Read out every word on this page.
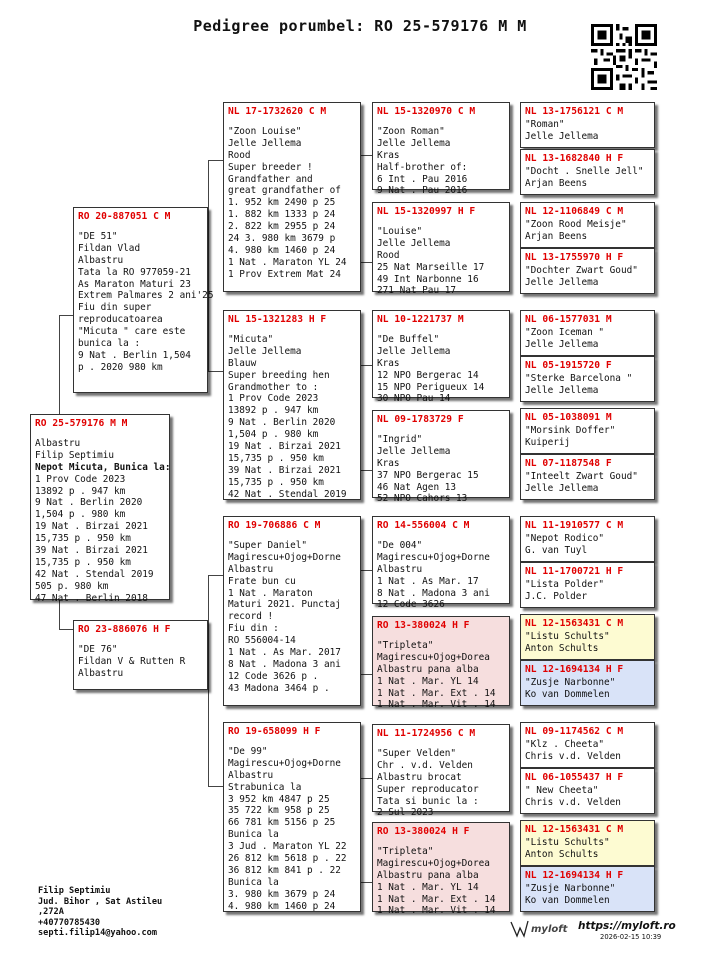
Pedigree porumbel: RO 25-579176 M M
RO 25-579176 M M
Albastru
Filip Septimiu
Nepot Micuta, Bunica la:
1 Prov Code 2023
13892 p . 947 km
9 Nat . Berlin 2020
1,504 p . 980 km
19 Nat . Birzai 2021
15,735 p . 950 km
39 Nat . Birzai 2021
15,735 p . 950 km
42 Nat . Stendal 2019
505 p. 980 km
47 Nat . Berlin 2018
RO 20-887051 C M
"DE 51"
Fildan Vlad
Albastru
Tata la RO 977059-21
As Maraton Maturi 23
Extrem Palmares 2 ani'25
Fiu din super
reproducatoarea
"Micuta " care este
bunica la :
9 Nat . Berlin 1,504
p . 2020 980 km
RO 23-886076 H F
"DE 76"
Fildan V & Rutten R
Albastru
NL 17-1732620 C M
"Zoon Louise"
Jelle Jellema
Rood
Super breeder !
Grandfather and
great grandfather of
1. 952 km 2490 p 25
1. 882 km 1333 p 24
2. 822 km 2955 p 24
24 3. 980 km 3679 p
4. 980 km 1460 p 24
1 Nat . Maraton YL 24
1 Prov Extrem Mat 24
NL 15-1321283 H F
"Micuta"
Jelle Jellema
Blauw
Super breeding hen
Grandmother to :
1 Prov Code 2023
13892 p . 947 km
9 Nat . Berlin 2020
1,504 p . 980 km
19 Nat . Birzai 2021
15,735 p . 950 km
39 Nat . Birzai 2021
15,735 p . 950 km
42 Nat . Stendal 2019
RO 19-706886 C M
"Super Daniel"
Magirescu+Ojog+Dorne
Albastru
Frate bun cu
1 Nat . Maraton
Maturi 2021. Punctaj
record !
Fiu din :
RO 556004-14
1 Nat . As Mar. 2017
8 Nat . Madona 3 ani
12 Code 3626 p .
43 Madona 3464 p .
RO 19-658099 H F
"De 99"
Magirescu+Ojog+Dorne
Albastru
Strabunica la
3 952 km 4847 p 25
35 722 km 958 p 25
66 781 km 5156 p 25
Bunica la
3 Jud . Maraton YL 22
26 812 km 5618 p . 22
36 812 km 841 p . 22
Bunica la
3. 980 km 3679 p 24
4. 980 km 1460 p 24
NL 15-1320970 C M
"Zoon Roman"
Jelle Jellema
Kras
Half-brother of:
6 Int . Pau 2016
9 Nat . Pau 2016
NL 15-1320997 H F
"Louise"
Jelle Jellema
Rood
25 Nat Marseille 17
49 Int Narbonne 16
271 Nat Pau 17
NL 10-1221737 M
"De Buffel"
Jelle Jellema
Kras
12 NPO Bergerac 14
15 NPO Perigueux 14
30 NPO Pau 14
NL 09-1783729 F
"Ingrid"
Jelle Jellema
Kras
37 NPO Bergerac 15
46 Nat Agen 13
52 NPO Cahors 13
RO 14-556004 C M
"De 004"
Magirescu+Ojog+Dorne
Albastru
1 Nat . As Mar. 17
8 Nat . Madona 3 ani
12 Code 3626
RO 13-380024 H F
"Tripleta"
Magirescu+Ojog+Dorea
Albastru pana alba
1 Nat . Mar. YL 14
1 Nat . Mar. Ext . 14
1 Nat . Mar. Vit . 14
NL 11-1724956 C M
"Super Velden"
Chr . v.d. Velden
Albastru brocat
Super reproducator
Tata si bunic la :
2 Sul 2023
RO 13-380024 H F
"Tripleta"
Magirescu+Ojog+Dorea
Albastru pana alba
1 Nat . Mar. YL 14
1 Nat . Mar. Ext . 14
1 Nat . Mar. Vit . 14
NL 13-1756121 C M
"Roman"
Jelle Jellema
NL 13-1682840 H F
"Docht . Snelle Jell"
Arjan Beens
NL 12-1106849 C M
"Zoon Rood Meisje"
Arjan Beens
NL 13-1755970 H F
"Dochter Zwart Goud"
Jelle Jellema
NL 06-1577031 M
"Zoon Iceman "
Jelle Jellema
NL 05-1915720 F
"Sterke Barcelona "
Jelle Jellema
NL 05-1038091 M
"Morsink Doffer"
Kuiperij
NL 07-1187548 F
"Inteelt Zwart Goud"
Jelle Jellema
NL 11-1910577 C M
"Nepot Rodico"
G. van Tuyl
NL 11-1700721 H F
"Lista Polder"
J.C. Polder
NL 12-1563431 C M
"Listu Schults"
Anton Schults
NL 12-1694134 H F
"Zusje Narbonne"
Ko van Dommelen
NL 09-1174562 C M
"Klz . Cheeta"
Chris v.d. Velden
NL 06-1055437 H F
" New Cheeta"
Chris v.d. Velden
NL 12-1563431 C M
"Listu Schults"
Anton Schults
NL 12-1694134 H F
"Zusje Narbonne"
Ko van Dommelen
Filip Septimiu
Jud. Bihor , Sat Astileu
,272A
+40770785430
septi.filip14@yahoo.com	myloft https://myloft.ro
2026-02-15 10:39
